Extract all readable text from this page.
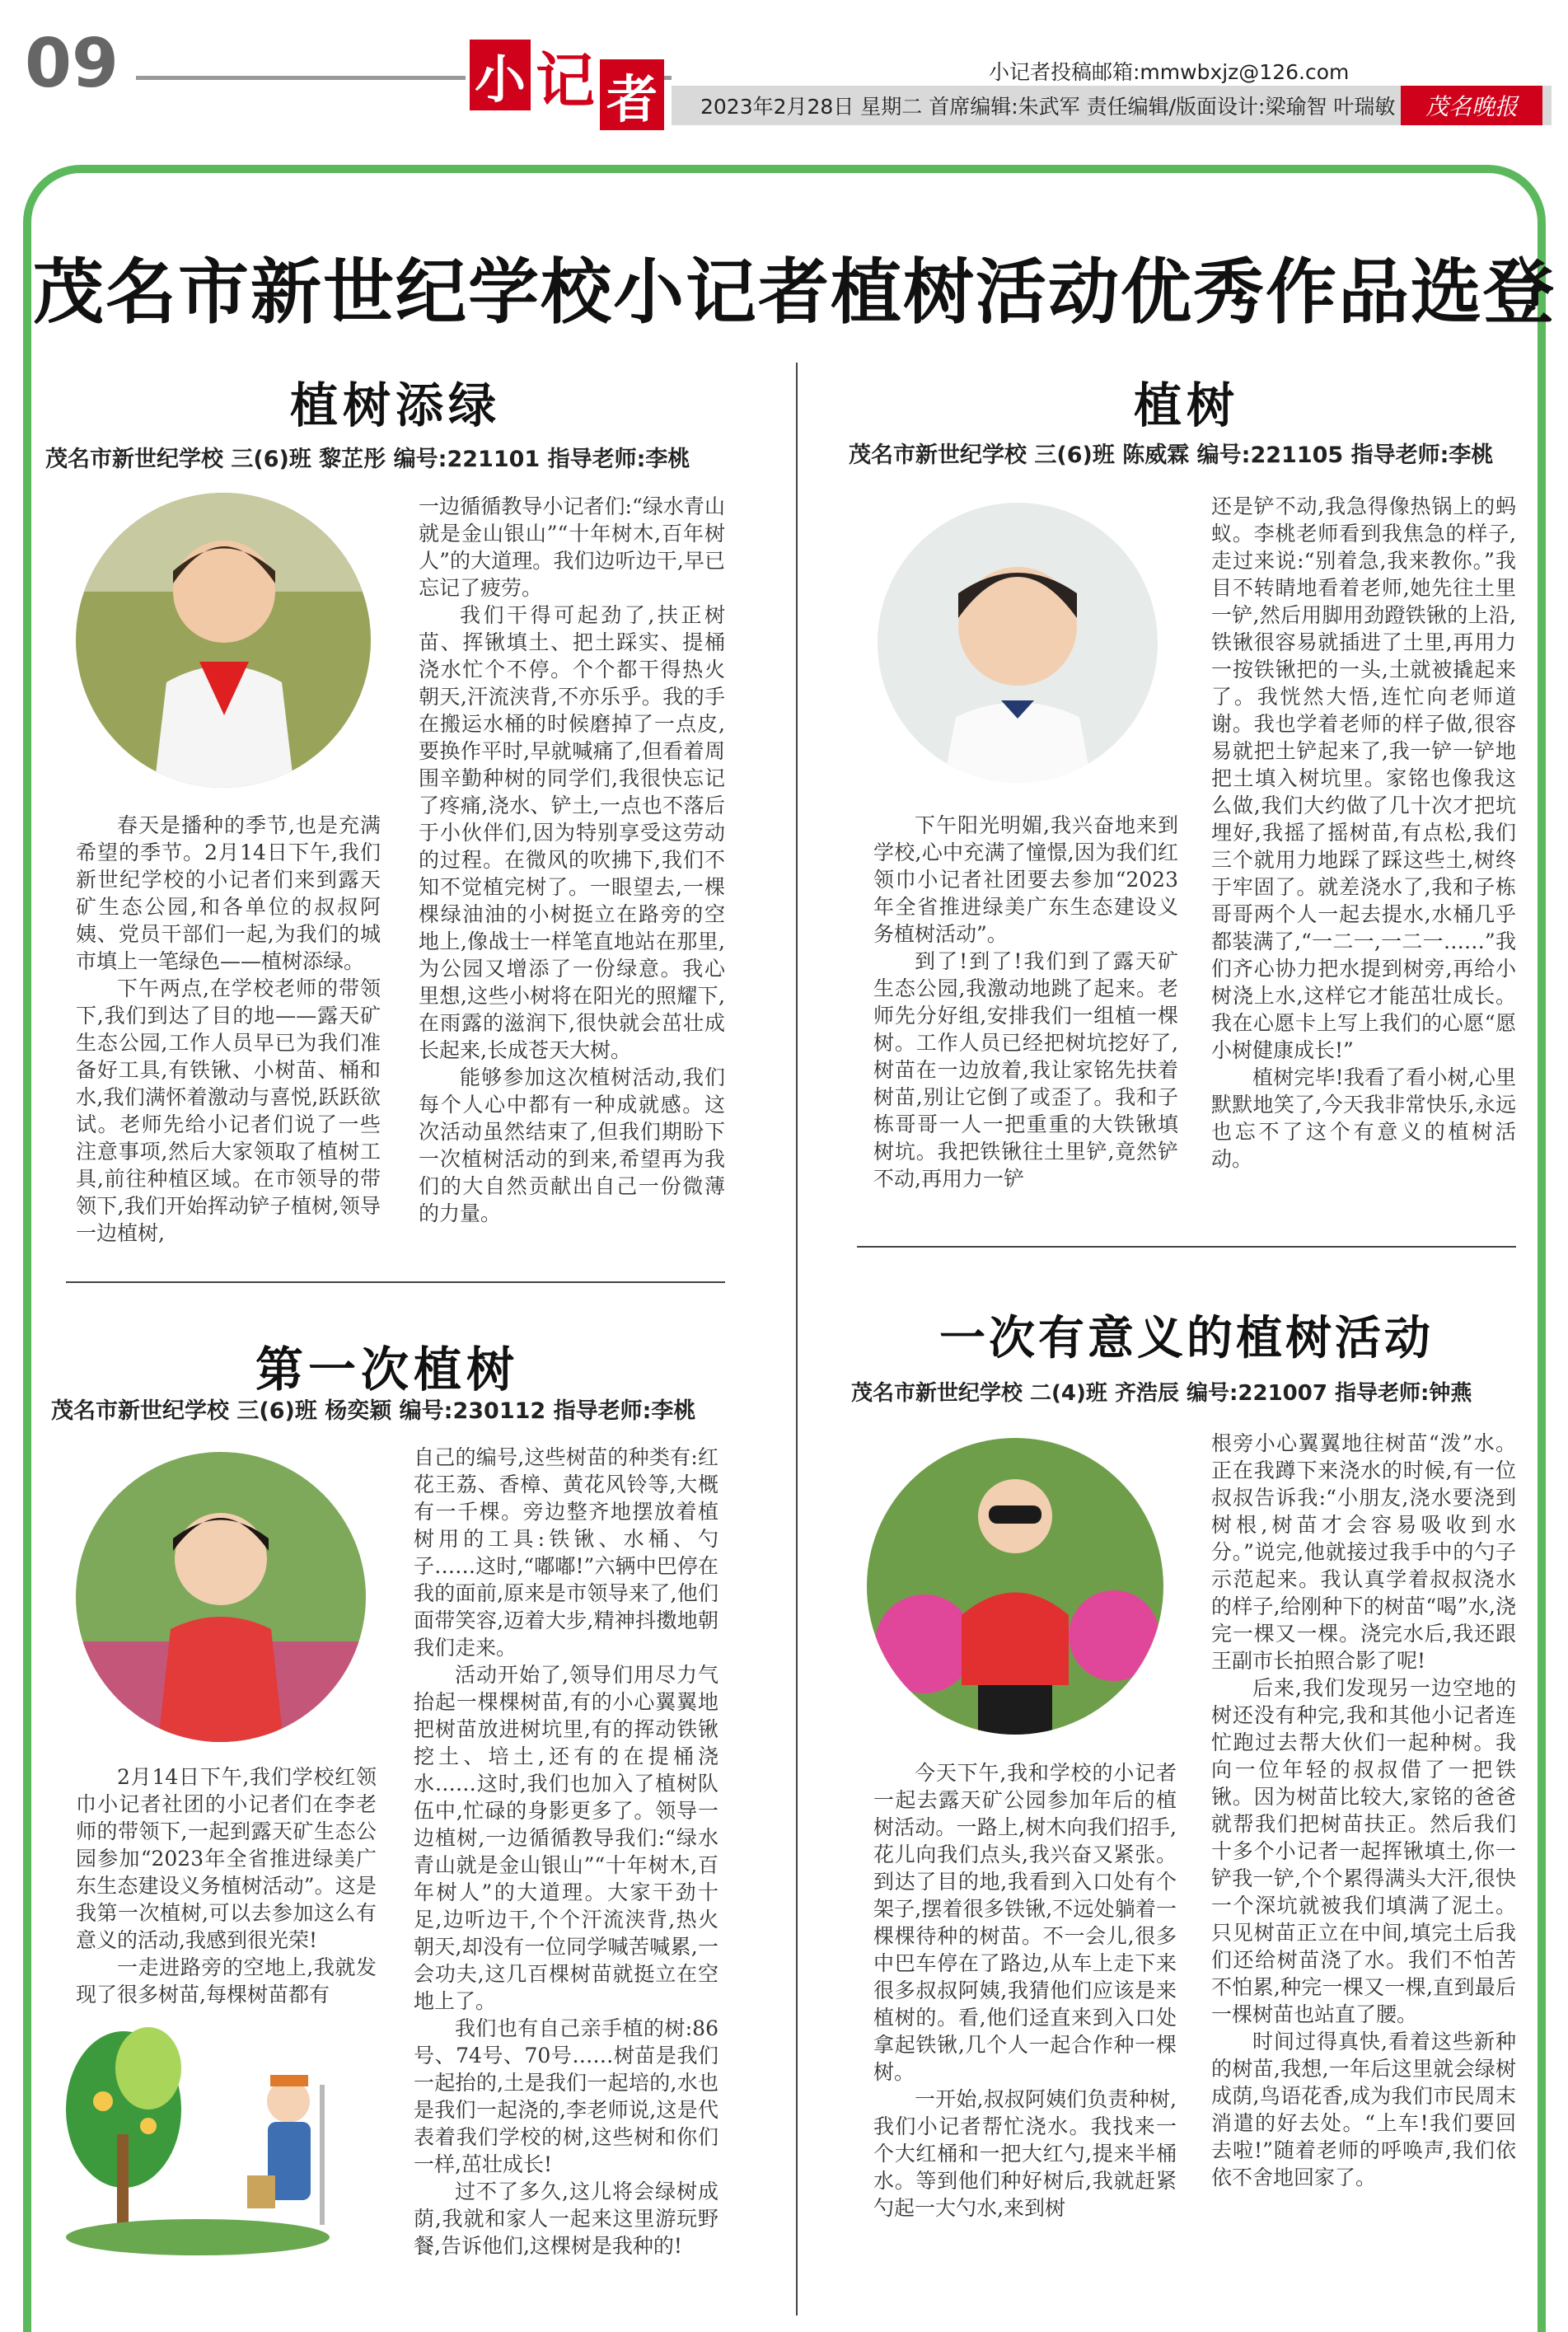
09	小 记 者	小记者投稿邮箱:mmwbxjz@126.com
2023年2月28日 星期二 首席编辑:朱武军 责任编辑/版面设计:梁瑜智 叶瑞敏	茂名晚报
茂名市新世纪学校小记者植树活动优秀作品选登
植树添绿
茂名市新世纪学校 三(6)班 黎芷彤 编号:221101 指导老师:李桃

春天是播种的季节,也是充满希望的季节。2月14日下午,我们新世纪学校的小记者们来到露天矿生态公园,和各单位的叔叔阿姨、党员干部们一起,为我们的城市填上一笔绿色——植树添绿。

下午两点,在学校老师的带领下,我们到达了目的地——露天矿生态公园,工作人员早已为我们准备好工具,有铁锹、小树苗、桶和水,我们满怀着激动与喜悦,跃跃欲试。老师先给小记者们说了一些注意事项,然后大家领取了植树工具,前往种植区域。在市领导的带领下,我们开始挥动铲子植树,领导一边植树,

一边循循教导小记者们:“绿水青山就是金山银山”“十年树木,百年树人”的大道理。我们边听边干,早已忘记了疲劳。

我们干得可起劲了,扶正树苗、挥锹填土、把土踩实、提桶浇水忙个不停。个个都干得热火朝天,汗流浃背,不亦乐乎。我的手在搬运水桶的时候磨掉了一点皮,要换作平时,早就喊痛了,但看着周围辛勤种树的同学们,我很快忘记了疼痛,浇水、铲土,一点也不落后于小伙伴们,因为特别享受这劳动的过程。在微风的吹拂下,我们不知不觉植完树了。一眼望去,一棵棵绿油油的小树挺立在路旁的空地上,像战士一样笔直地站在那里,为公园又增添了一份绿意。我心里想,这些小树将在阳光的照耀下,在雨露的滋润下,很快就会茁壮成长起来,长成苍天大树。

能够参加这次植树活动,我们每个人心中都有一种成就感。这次活动虽然结束了,但我们期盼下一次植树活动的到来,希望再为我们的大自然贡献出自己一份微薄的力量。

植树
茂名市新世纪学校 三(6)班 陈威霖 编号:221105 指导老师:李桃

下午阳光明媚,我兴奋地来到学校,心中充满了憧憬,因为我们红领巾小记者社团要去参加“2023年全省推进绿美广东生态建设义务植树活动”。

到了!到了!我们到了露天矿生态公园,我激动地跳了起来。老师先分好组,安排我们一组植一棵树。工作人员已经把树坑挖好了,树苗在一边放着,我让家铭先扶着树苗,别让它倒了或歪了。我和子栋哥哥一人一把重重的大铁锹填树坑。我把铁锹往土里铲,竟然铲不动,再用力一铲

还是铲不动,我急得像热锅上的蚂蚁。李桃老师看到我焦急的样子,走过来说:“别着急,我来教你。”我目不转睛地看着老师,她先往土里一铲,然后用脚用劲蹬铁锹的上沿,铁锹很容易就插进了土里,再用力一按铁锹把的一头,土就被撬起来了。我恍然大悟,连忙向老师道谢。我也学着老师的样子做,很容易就把土铲起来了,我一铲一铲地把土填入树坑里。家铭也像我这么做,我们大约做了几十次才把坑埋好,我摇了摇树苗,有点松,我们三个就用力地踩了踩这些土,树终于牢固了。就差浇水了,我和子栋哥哥两个人一起去提水,水桶几乎都装满了,“一二一,一二一……”我们齐心协力把水提到树旁,再给小树浇上水,这样它才能茁壮成长。我在心愿卡上写上我们的心愿“愿小树健康成长!”

植树完毕!我看了看小树,心里默默地笑了,今天我非常快乐,永远也忘不了这个有意义的植树活动。

第一次植树
茂名市新世纪学校 三(6)班 杨奕颖 编号:230112 指导老师:李桃

2月14日下午,我们学校红领巾小记者社团的小记者们在李老师的带领下,一起到露天矿生态公园参加“2023年全省推进绿美广东生态建设义务植树活动”。这是我第一次植树,可以去参加这么有意义的活动,我感到很光荣!

一走进路旁的空地上,我就发现了很多树苗,每棵树苗都有

自己的编号,这些树苗的种类有:红花王荔、香樟、黄花风铃等,大概有一千棵。旁边整齐地摆放着植树用的工具:铁锹、水桶、勺子……这时,“嘟嘟!”六辆中巴停在我的面前,原来是市领导来了,他们面带笑容,迈着大步,精神抖擞地朝我们走来。

活动开始了,领导们用尽力气抬起一棵棵树苗,有的小心翼翼地把树苗放进树坑里,有的挥动铁锹挖土、培土,还有的在提桶浇水……这时,我们也加入了植树队伍中,忙碌的身影更多了。领导一边植树,一边循循教导我们:“绿水青山就是金山银山”“十年树木,百年树人”的大道理。大家干劲十足,边听边干,个个汗流浃背,热火朝天,却没有一位同学喊苦喊累,一会功夫,这几百棵树苗就挺立在空地上了。

我们也有自己亲手植的树:86号、74号、70号……树苗是我们一起抬的,土是我们一起培的,水也是我们一起浇的,李老师说,这是代表着我们学校的树,这些树和你们一样,茁壮成长!

过不了多久,这儿将会绿树成荫,我就和家人一起来这里游玩野餐,告诉他们,这棵树是我种的!

一次有意义的植树活动
茂名市新世纪学校 二(4)班 齐浩辰 编号:221007 指导老师:钟燕

今天下午,我和学校的小记者一起去露天矿公园参加年后的植树活动。一路上,树木向我们招手,花儿向我们点头,我兴奋又紧张。到达了目的地,我看到入口处有个架子,摆着很多铁锹,不远处躺着一棵棵待种的树苗。不一会儿,很多中巴车停在了路边,从车上走下来很多叔叔阿姨,我猜他们应该是来植树的。看,他们迳直来到入口处拿起铁锹,几个人一起合作种一棵树。

一开始,叔叔阿姨们负责种树,我们小记者帮忙浇水。我找来一个大红桶和一把大红勺,提来半桶水。等到他们种好树后,我就赶紧勺起一大勺水,来到树

根旁小心翼翼地往树苗“泼”水。正在我蹲下来浇水的时候,有一位叔叔告诉我:“小朋友,浇水要浇到树根,树苗才会容易吸收到水分。”说完,他就接过我手中的勺子示范起来。我认真学着叔叔浇水的样子,给刚种下的树苗“喝”水,浇完一棵又一棵。浇完水后,我还跟王副市长拍照合影了呢!

后来,我们发现另一边空地的树还没有种完,我和其他小记者连忙跑过去帮大伙们一起种树。我向一位年轻的叔叔借了一把铁锹。因为树苗比较大,家铭的爸爸就帮我们把树苗扶正。然后我们十多个小记者一起挥锹填土,你一铲我一铲,个个累得满头大汗,很快一个深坑就被我们填满了泥土。只见树苗正立在中间,填完土后我们还给树苗浇了水。我们不怕苦不怕累,种完一棵又一棵,直到最后一棵树苗也站直了腰。

时间过得真快,看着这些新种的树苗,我想,一年后这里就会绿树成荫,鸟语花香,成为我们市民周末消遣的好去处。“上车!我们要回去啦!”随着老师的呼唤声,我们依依不舍地回家了。
